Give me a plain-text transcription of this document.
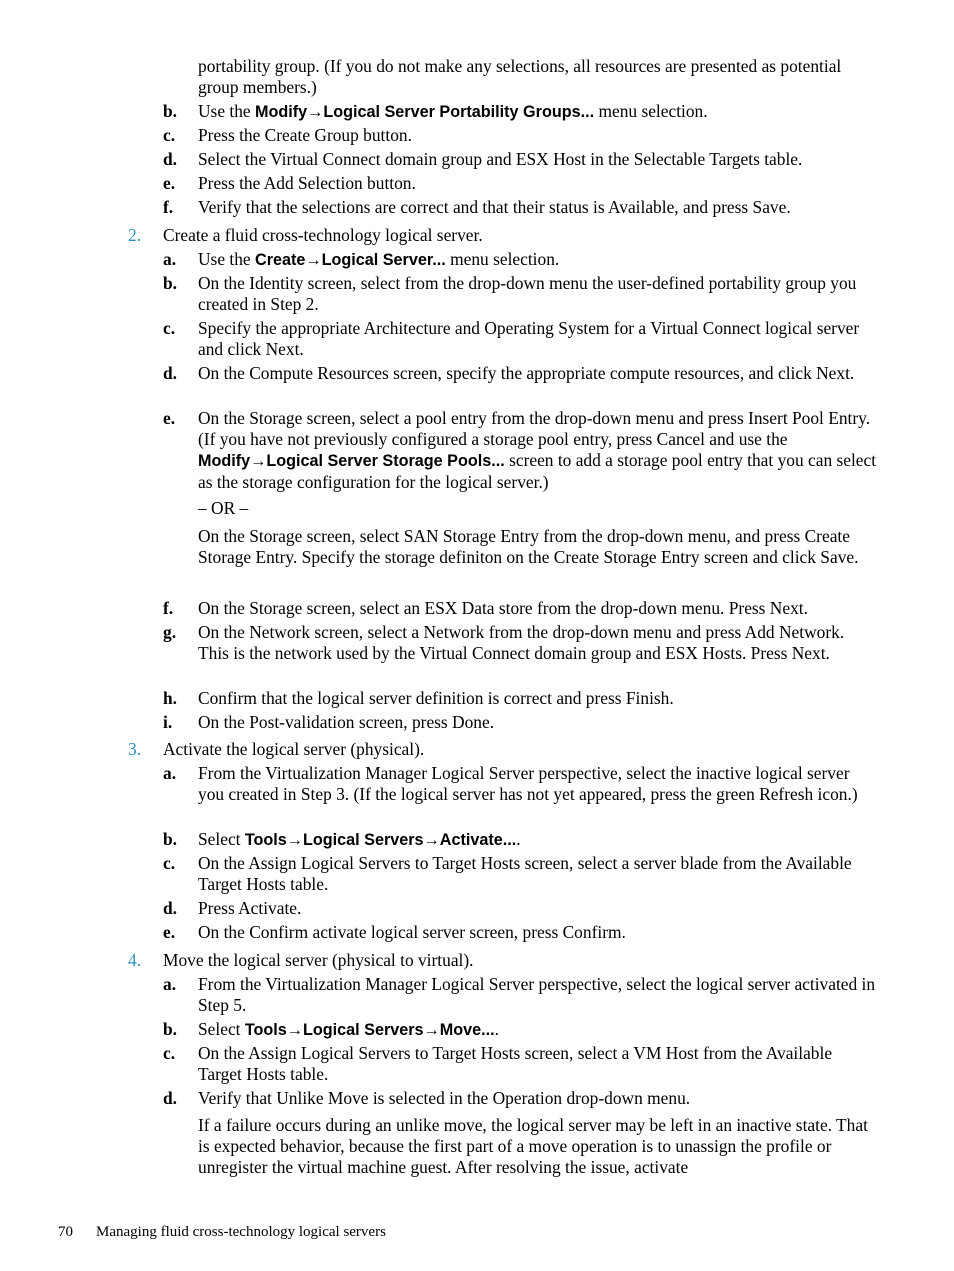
portability group. (If you do not make any selections, all resources are presented as potential group members.)

b. Use the Modify→Logical Server Portability Groups... menu selection.

c. Press the Create Group button.

d. Select the Virtual Connect domain group and ESX Host in the Selectable Targets table.

e. Press the Add Selection button.

f. Verify that the selections are correct and that their status is Available, and press Save.

2. Create a fluid cross-technology logical server.

a. Use the Create→Logical Server... menu selection.

b. On the Identity screen, select from the drop-down menu the user-defined portability group you created in Step 2.

c. Specify the appropriate Architecture and Operating System for a Virtual Connect logical server and click Next.

d. On the Compute Resources screen, specify the appropriate compute resources, and click Next.

e. On the Storage screen, select a pool entry from the drop-down menu and press Insert Pool Entry. (If you have not previously configured a storage pool entry, press Cancel and use the Modify→Logical Server Storage Pools... screen to add a storage pool entry that you can select as the storage configuration for the logical server.)

– OR –

On the Storage screen, select SAN Storage Entry from the drop-down menu, and press Create Storage Entry. Specify the storage definiton on the Create Storage Entry screen and click Save.

f. On the Storage screen, select an ESX Data store from the drop-down menu. Press Next.

g. On the Network screen, select a Network from the drop-down menu and press Add Network. This is the network used by the Virtual Connect domain group and ESX Hosts. Press Next.

h. Confirm that the logical server definition is correct and press Finish.

i. On the Post-validation screen, press Done.

3. Activate the logical server (physical).

a. From the Virtualization Manager Logical Server perspective, select the inactive logical server you created in Step 3. (If the logical server has not yet appeared, press the green Refresh icon.)

b. Select Tools→Logical Servers→Activate....

c. On the Assign Logical Servers to Target Hosts screen, select a server blade from the Available Target Hosts table.

d. Press Activate.

e. On the Confirm activate logical server screen, press Confirm.

4. Move the logical server (physical to virtual).

a. From the Virtualization Manager Logical Server perspective, select the logical server activated in Step 5.

b. Select Tools→Logical Servers→Move....

c. On the Assign Logical Servers to Target Hosts screen, select a VM Host from the Available Target Hosts table.

d. Verify that Unlike Move is selected in the Operation drop-down menu.

If a failure occurs during an unlike move, the logical server may be left in an inactive state. That is expected behavior, because the first part of a move operation is to unassign the profile or unregister the virtual machine guest. After resolving the issue, activate

70 Managing fluid cross-technology logical servers
